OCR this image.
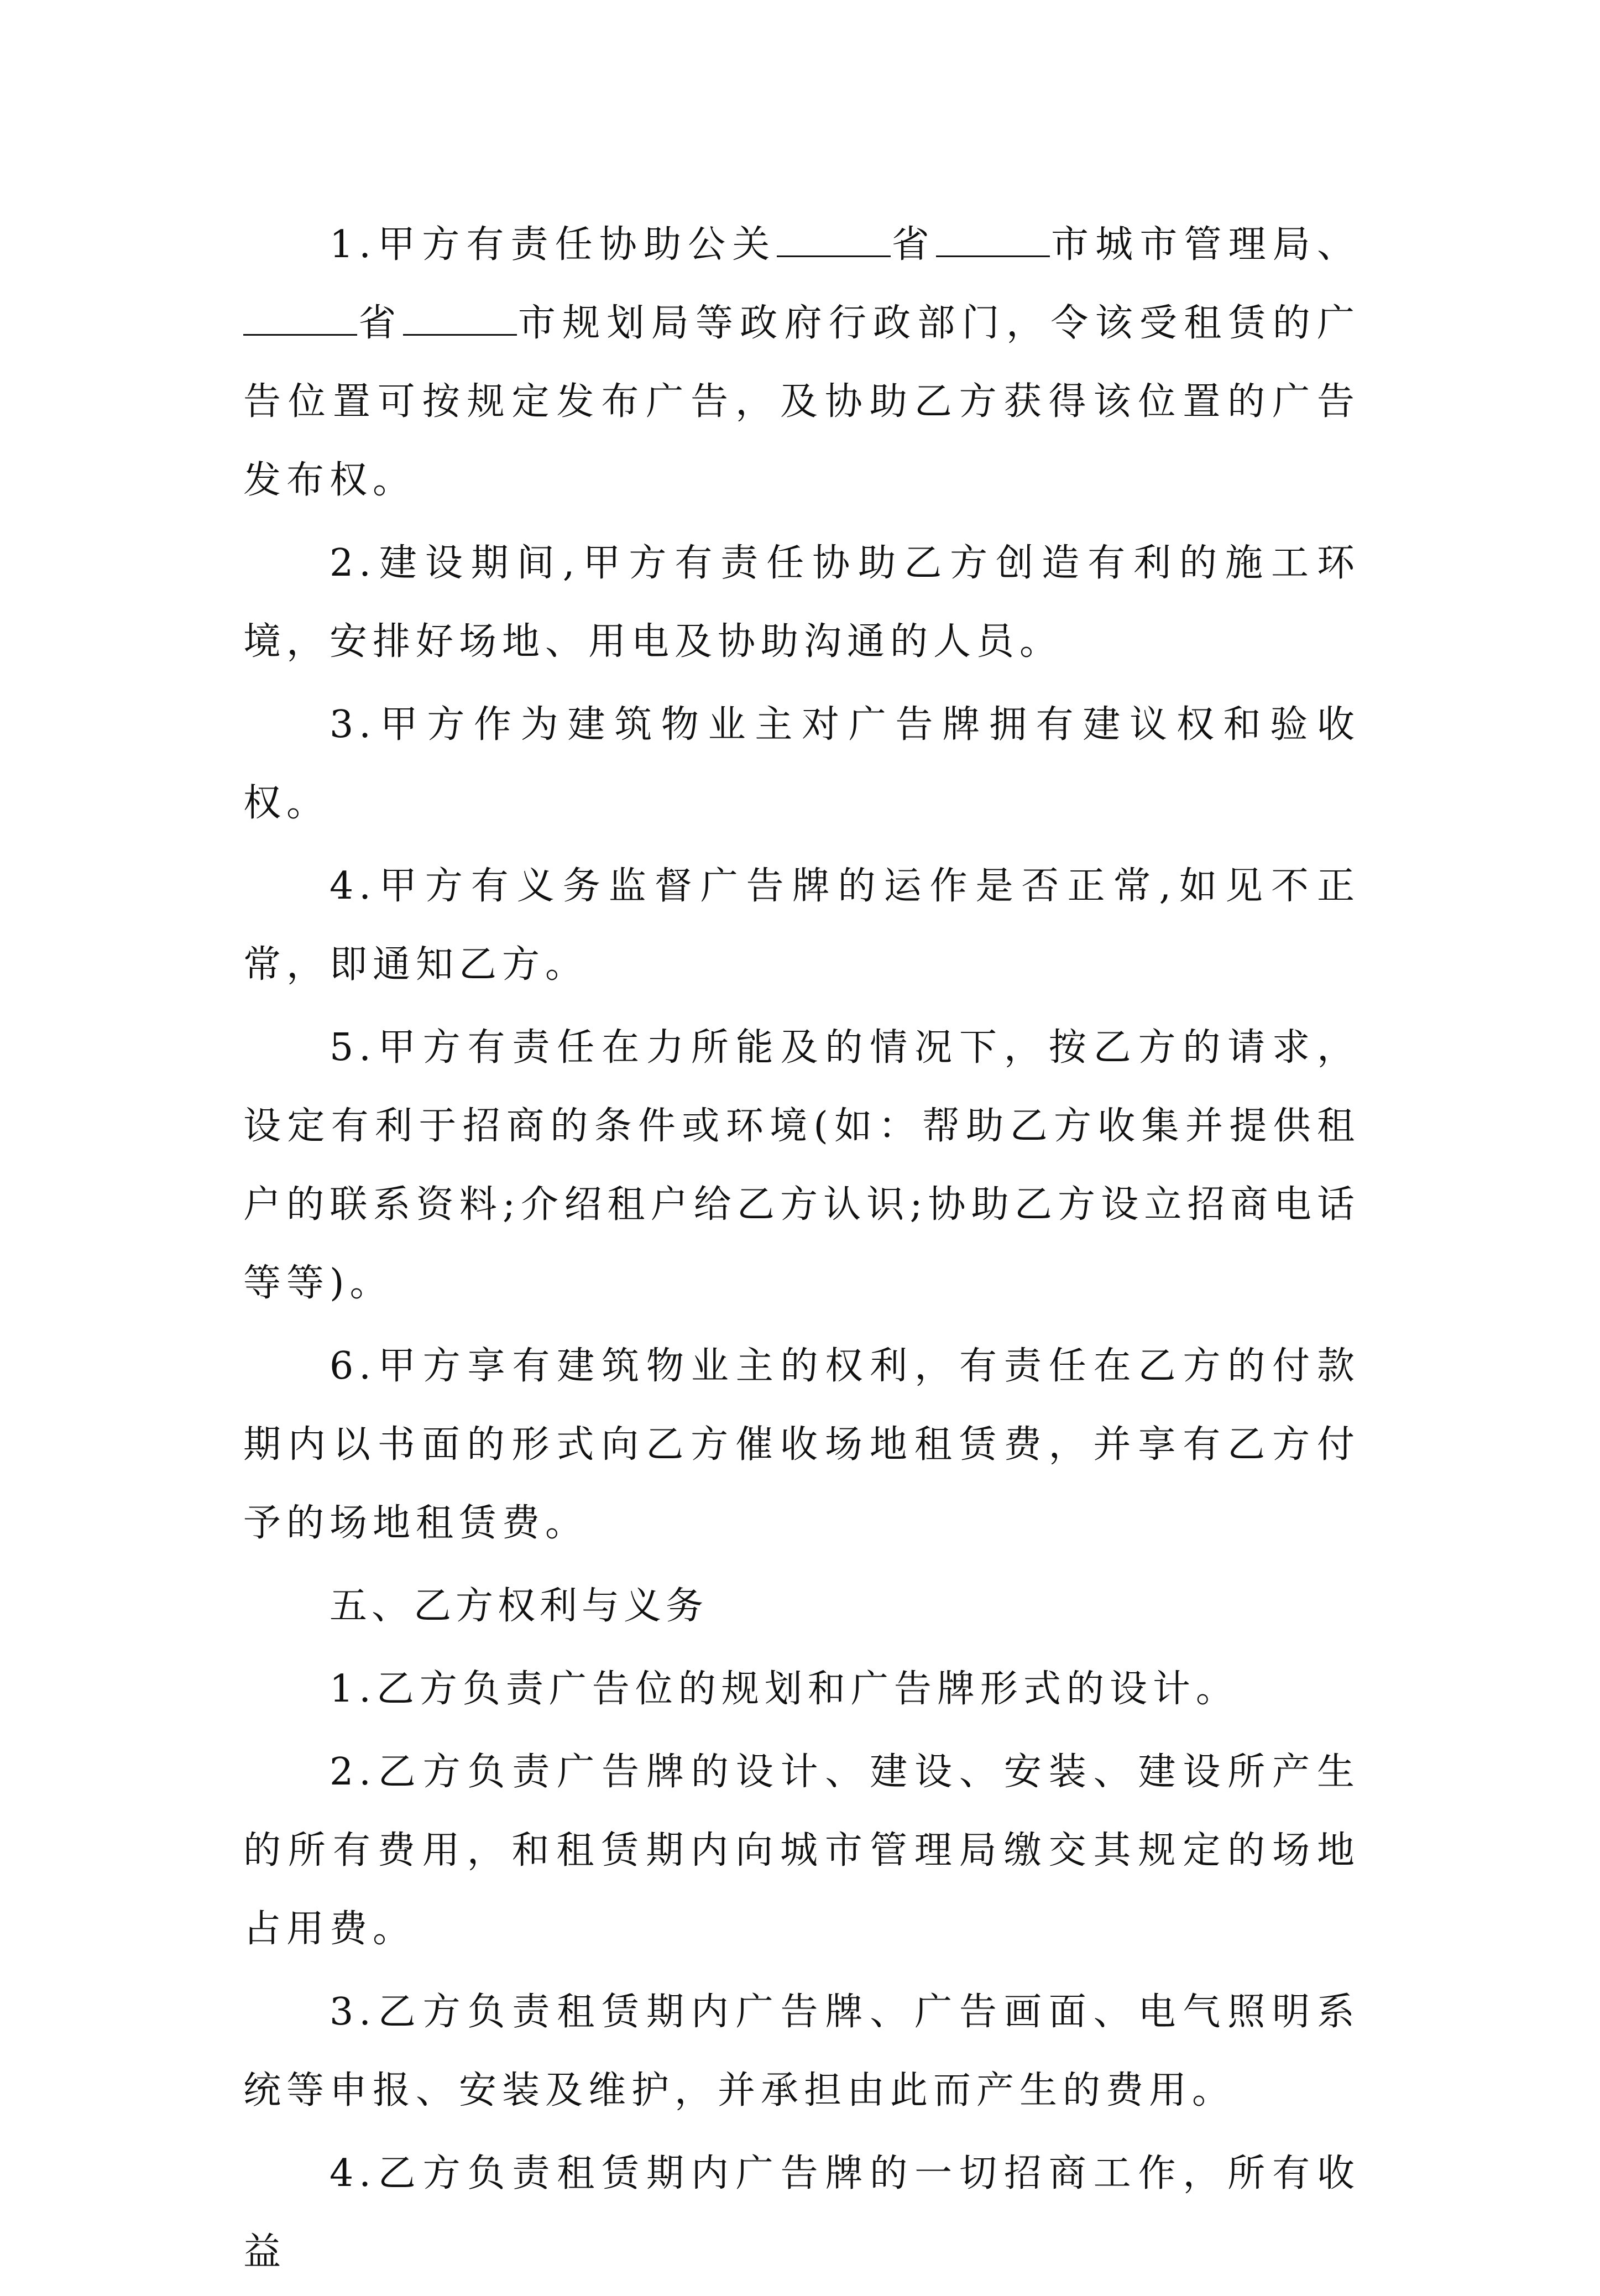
1.甲方有责任协助公关	省	市城市管理局、省	市规划局等政府行政部门，令该受租赁的广告位置可按规定发布广告，及协助乙方获得该位置的广告发布权。

2.建设期间,甲方有责任协助乙方创造有利的施工环境，安排好场地、用电及协助沟通的人员。

3.甲方作为建筑物业主对广告牌拥有建议权和验收权。

4.甲方有义务监督广告牌的运作是否正常,如见不正常，即通知乙方。

5.甲方有责任在力所能及的情况下，按乙方的请求，设定有利于招商的条件或环境(如：帮助乙方收集并提供租户的联系资料;介绍租户给乙方认识;协助乙方设立招商电话等等)。

6.甲方享有建筑物业主的权利，有责任在乙方的付款期内以书面的形式向乙方催收场地租赁费，并享有乙方付予的场地租赁费。

五、乙方权利与义务

1.乙方负责广告位的规划和广告牌形式的设计。

2.乙方负责广告牌的设计、建设、安装、建设所产生的所有费用，和租赁期内向城市管理局缴交其规定的场地占用费。

3.乙方负责租赁期内广告牌、广告画面、电气照明系统等申报、安装及维护，并承担由此而产生的费用。

4.乙方负责租赁期内广告牌的一切招商工作，所有收益
